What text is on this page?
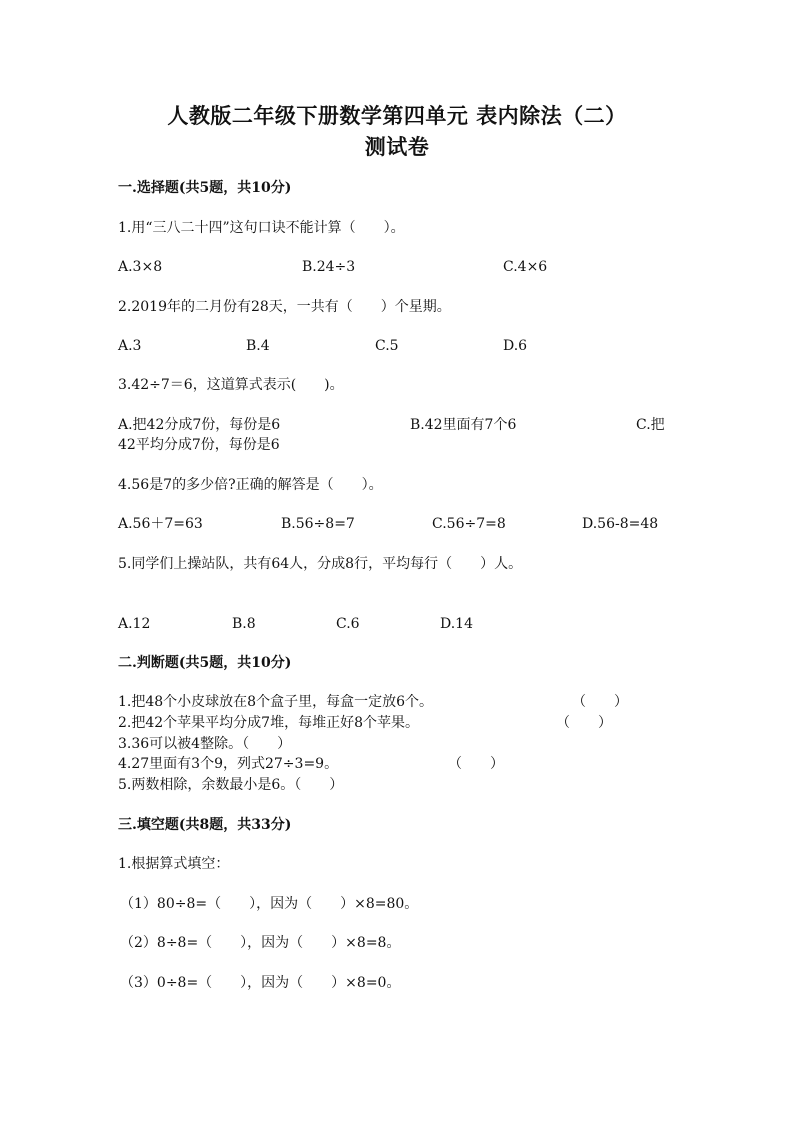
人教版二年级下册数学第四单元 表内除法（二）
测试卷
一.选择题(共5题，共10分)
1.用“三八二十四”这句口诀不能计算（　　）。
A.3×8	B.24÷3	C.4×6
2.2019年的二月份有28天，一共有（　　）个星期。
A.3	B.4	C.5	D.6
3.42÷7＝6，这道算式表示(　　)。
A.把42分成7份，每份是6	B.42里面有7个6	C.把
42平均分成7份，每份是6
4.56是7的多少倍?正确的解答是（　　）。
A.56＋7=63	B.56÷8=7	C.56÷7=8	D.56-8=48
5.同学们上操站队，共有64人，分成8行，平均每行（　　）人。
A.12	B.8	C.6	D.14
二.判断题(共5题，共10分)
1.把48个小皮球放在8个盒子里，每盒一定放6个。	（　　）
2.把42个苹果平均分成7堆，每堆正好8个苹果。	（　　）
3.36可以被4整除。（　　）
4.27里面有3个9，列式27÷3=9。	（　　）
5.两数相除，余数最小是6。（　　）
三.填空题(共8题，共33分)
1.根据算式填空：
（1）80÷8=（　　），因为（　　）×8=80。
（2）8÷8=（　　），因为（　　）×8=8。
（3）0÷8=（　　），因为（　　）×8=0。
